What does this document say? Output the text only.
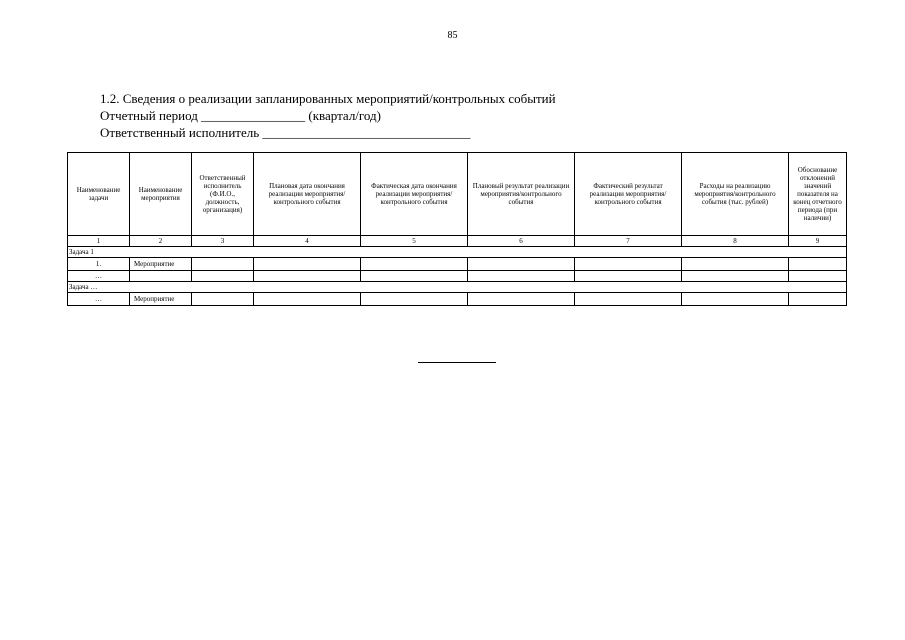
85
1.2. Сведения о реализации запланированных мероприятий/контрольных событий
Отчетный период ________________ (квартал/год)
Ответственный исполнитель ________________________________
Наименование задачи	Наименование мероприятия	Ответственный исполнитель (Ф.И.О., должность, организация)	Плановая дата окончания реализации мероприятия/контрольного события	Фактическая дата окончания реализации мероприятия/контрольного события	Плановый результат реализации мероприятия/контрольного события	Фактический результат реализации мероприятия/контрольного события	Расходы на реализацию мероприятия/контрольного события (тыс. рублей)	Обоснование отклонений значений показателя на конец отчетного периода (при наличии)
1	2	3	4	5	6	7	8	9
Задача 1								
1.	Мероприятие							
…								
Задача …								
…	Мероприятие							
